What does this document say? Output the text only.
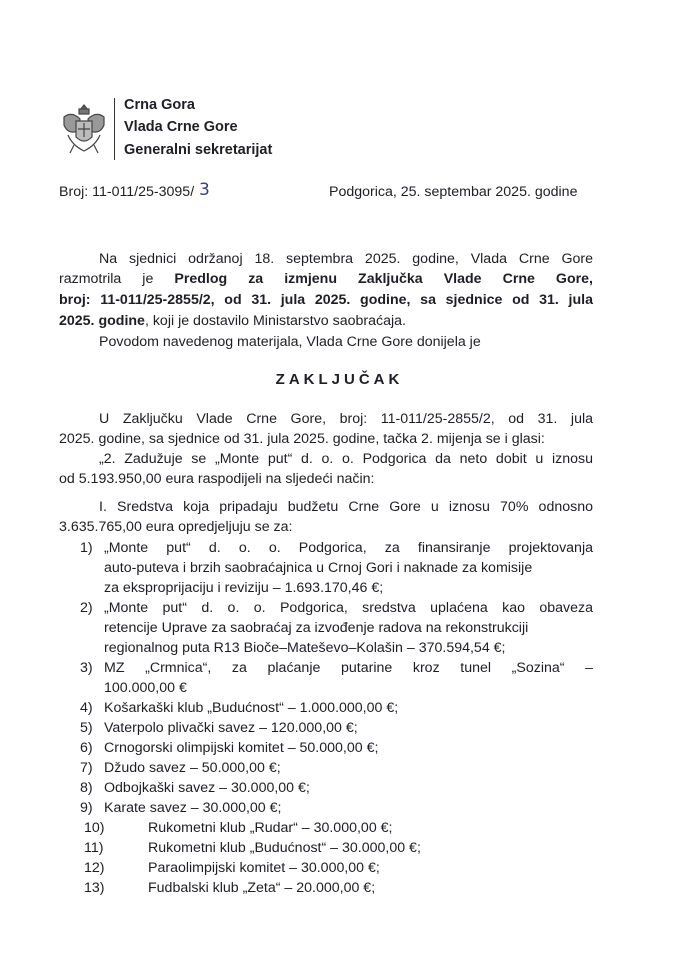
Crna Gora
Vlada Crne Gore
Generalni sekretarijat
Broj: 11-011/25-3095/ 3	Podgorica, 25. septembar 2025. godine
Na sjednici održanoj 18. septembra 2025. godine, Vlada Crne Gore
razmotrila je Predlog za izmjenu Zaključka Vlade Crne Gore,
broj: 11-011/25-2855/2, od 31. jula 2025. godine, sa sjednice od 31. jula
2025. godine, koji je dostavilo Ministarstvo saobraćaja.
Povodom navedenog materijala, Vlada Crne Gore donijela je
ZAKLJUČAK
U Zaključku Vlade Crne Gore, broj: 11-011/25-2855/2, od 31. jula
2025. godine, sa sjednice od 31. jula 2025. godine, tačka 2. mijenja se i glasi:
„2. Zadužuje se „Monte put“ d. o. o. Podgorica da neto dobit u iznosu
od 5.193.950,00 eura raspodijeli na sljedeći način:
I. Sredstva koja pripadaju budžetu Crne Gore u iznosu 70% odnosno
3.635.765,00 eura opredjeljuju se za:
1) „Monte put“ d. o. o. Podgorica, za finansiranje projektovanja
auto-puteva i brzih saobraćajnica u Crnoj Gori i naknade za komisije
za eksproprijaciju i reviziju – 1.693.170,46 €;
2) „Monte put“ d. o. o. Podgorica, sredstva uplaćena kao obaveza
retencije Uprave za saobraćaj za izvođenje radova na rekonstrukciji
regionalnog puta R13 Bioče–Mateševo–Kolašin – 370.594,54 €;
3) MZ „Crmnica“, za plaćanje putarine kroz tunel „Sozina“ –
100.000,00 €
4) Košarkaški klub „Budućnost“ – 1.000.000,00 €;
5) Vaterpolo plivački savez – 120.000,00 €;
6) Crnogorski olimpijski komitet – 50.000,00 €;
7) Džudo savez – 50.000,00 €;
8) Odbojkaški savez – 30.000,00 €;
9) Karate savez – 30.000,00 €;
10)	Rukometni klub „Rudar“ – 30.000,00 €;
11)	Rukometni klub „Budućnost“ – 30.000,00 €;
12)	Paraolimpijski komitet – 30.000,00 €;
13)	Fudbalski klub „Zeta“ – 20.000,00 €;
